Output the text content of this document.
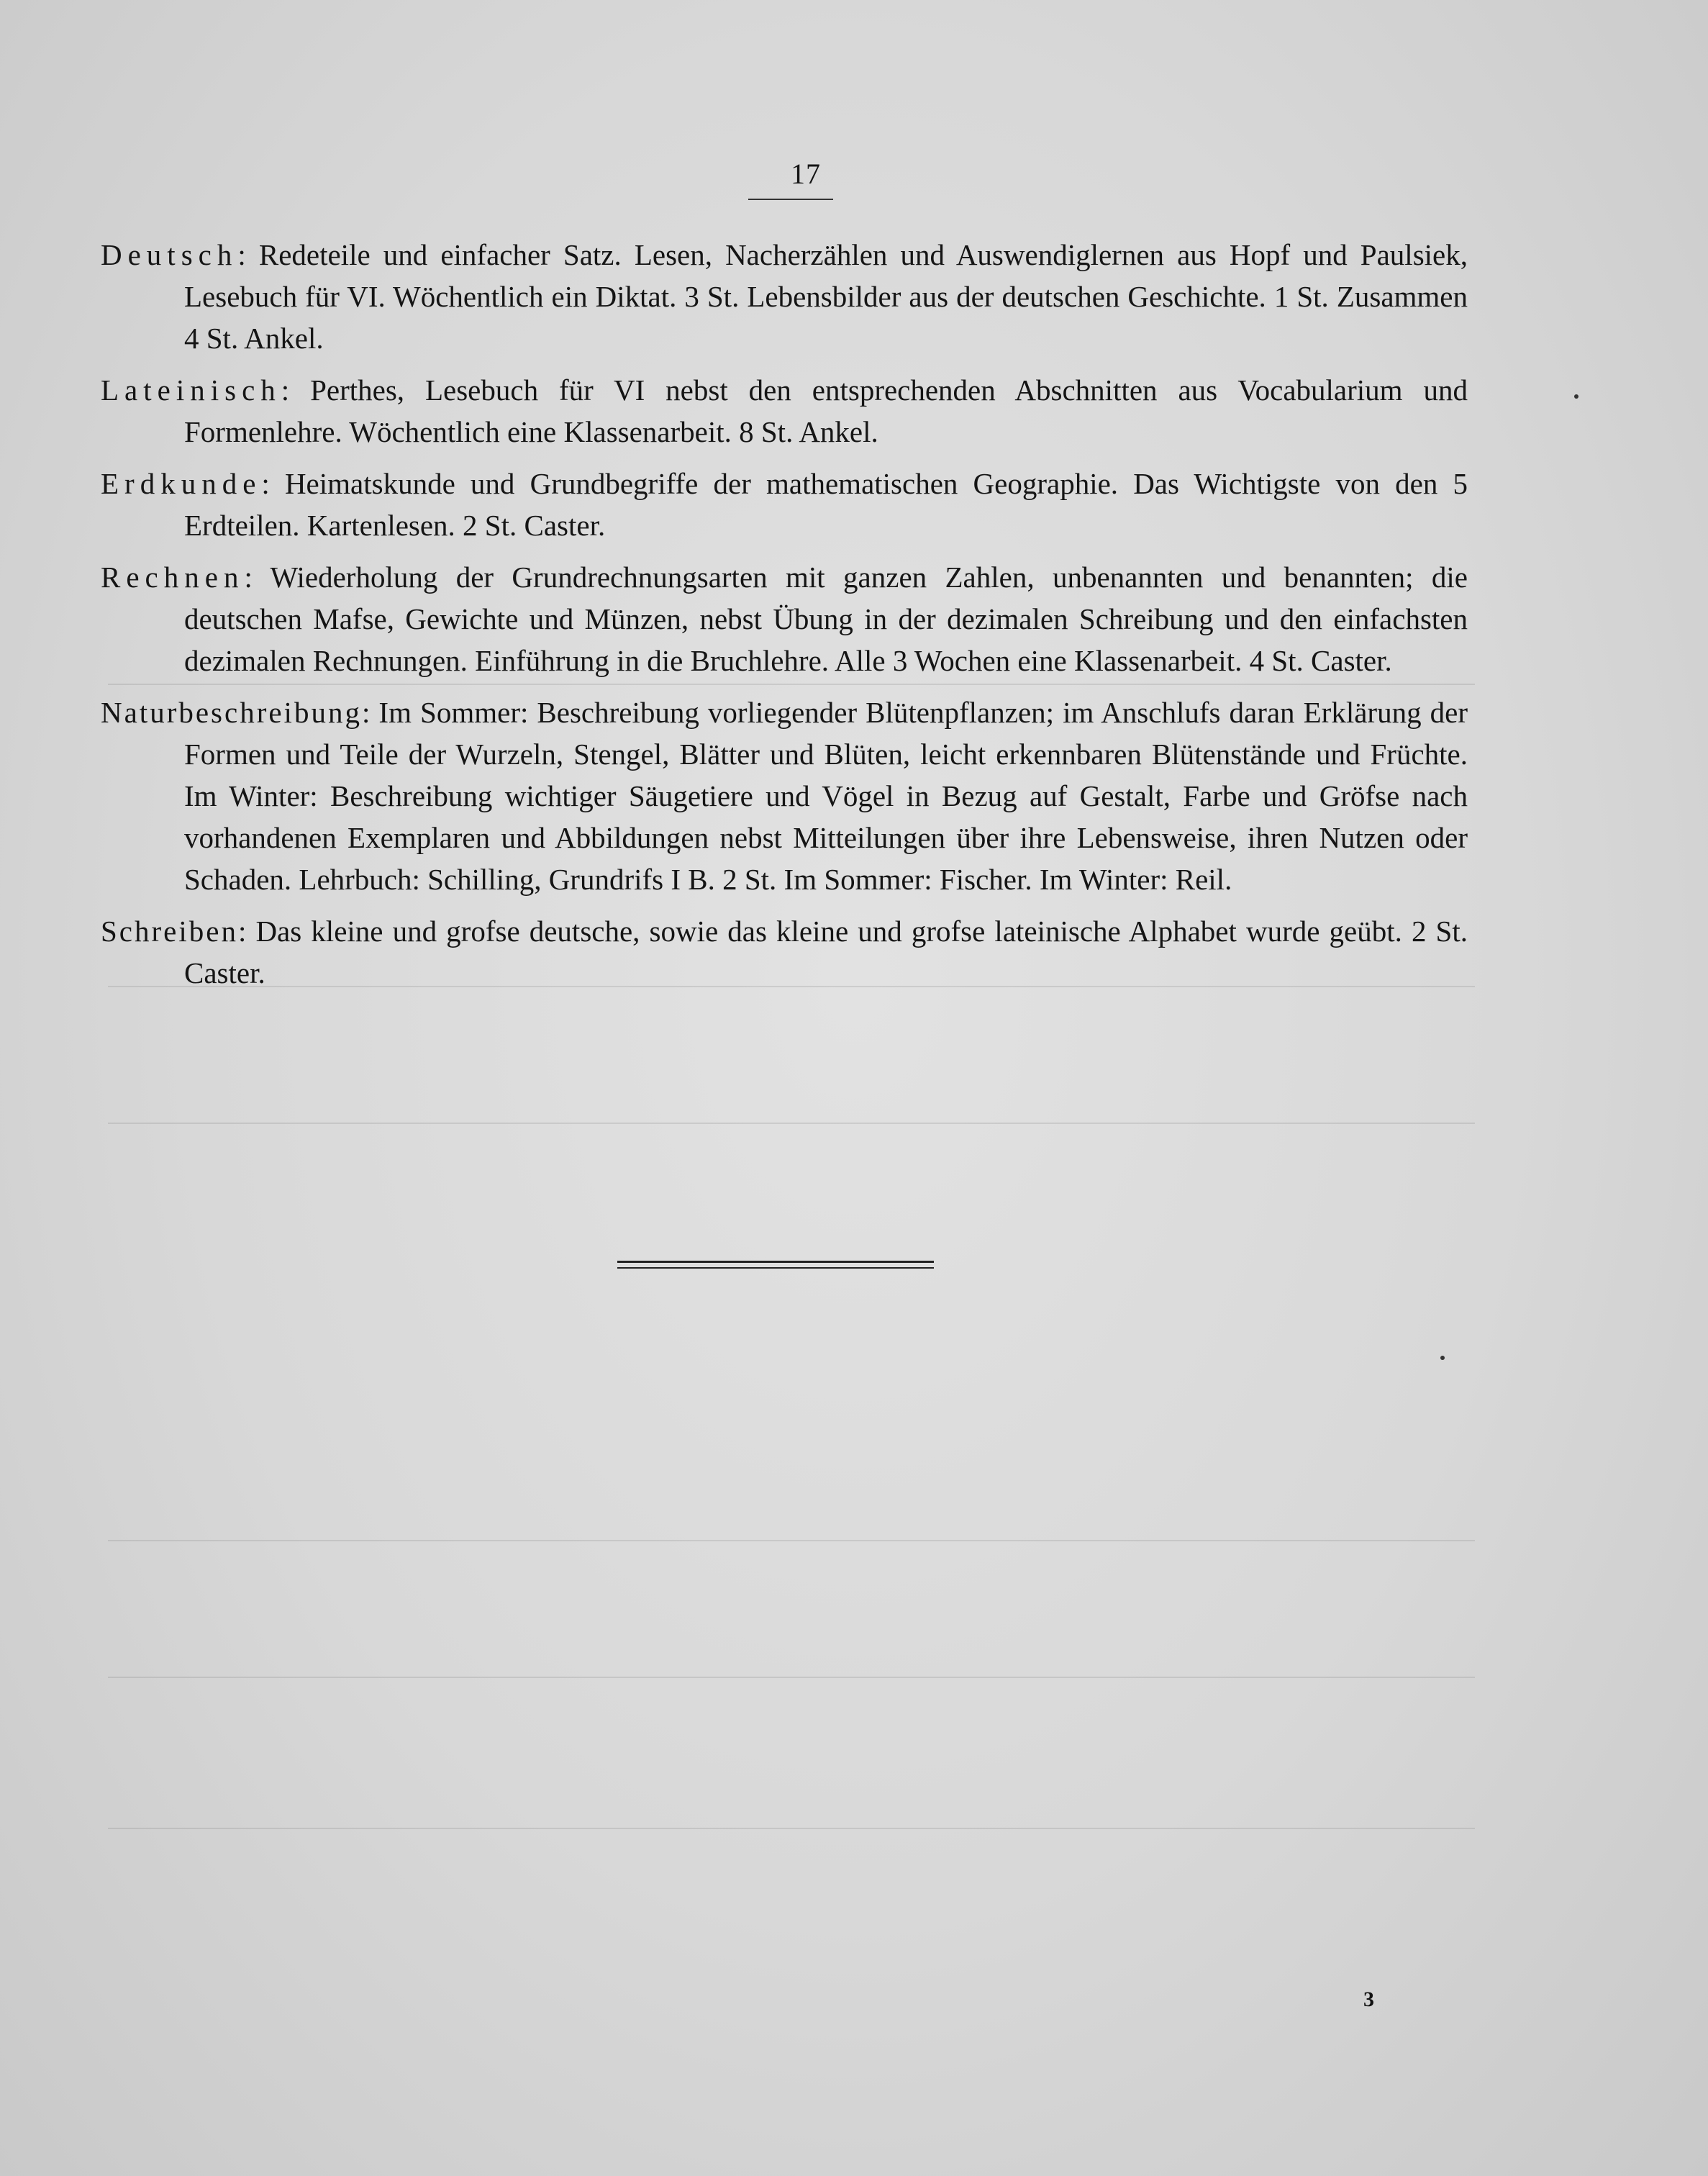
17

Deutsch: Redeteile und einfacher Satz. Lesen, Nacherzählen und Auswendiglernen aus Hopf und Paulsiek, Lesebuch für VI. Wöchentlich ein Diktat. 3 St. Lebensbilder aus der deutschen Geschichte. 1 St. Zusammen 4 St. Ankel.

Lateinisch: Perthes, Lesebuch für VI nebst den entsprechenden Abschnitten aus Vocabularium und Formenlehre. Wöchentlich eine Klassenarbeit. 8 St. Ankel.

Erdkunde: Heimatskunde und Grundbegriffe der mathematischen Geographie. Das Wichtigste von den 5 Erdteilen. Kartenlesen. 2 St. Caster.

Rechnen: Wiederholung der Grundrechnungsarten mit ganzen Zahlen, unbenannten und benannten; die deutschen Mafse, Gewichte und Münzen, nebst Übung in der dezimalen Schreibung und den einfachsten dezimalen Rechnungen. Einführung in die Bruchlehre. Alle 3 Wochen eine Klassenarbeit. 4 St. Caster.

Naturbeschreibung: Im Sommer: Beschreibung vorliegender Blütenpflanzen; im Anschlufs daran Erklärung der Formen und Teile der Wurzeln, Stengel, Blätter und Blüten, leicht erkennbaren Blütenstände und Früchte. Im Winter: Beschreibung wichtiger Säugetiere und Vögel in Bezug auf Gestalt, Farbe und Gröfse nach vorhandenen Exemplaren und Abbildungen nebst Mitteilungen über ihre Lebensweise, ihren Nutzen oder Schaden. Lehrbuch: Schilling, Grundrifs I B. 2 St. Im Sommer: Fischer. Im Winter: Reil.

Schreiben: Das kleine und grofse deutsche, sowie das kleine und grofse lateinische Alphabet wurde geübt. 2 St. Caster.

3
